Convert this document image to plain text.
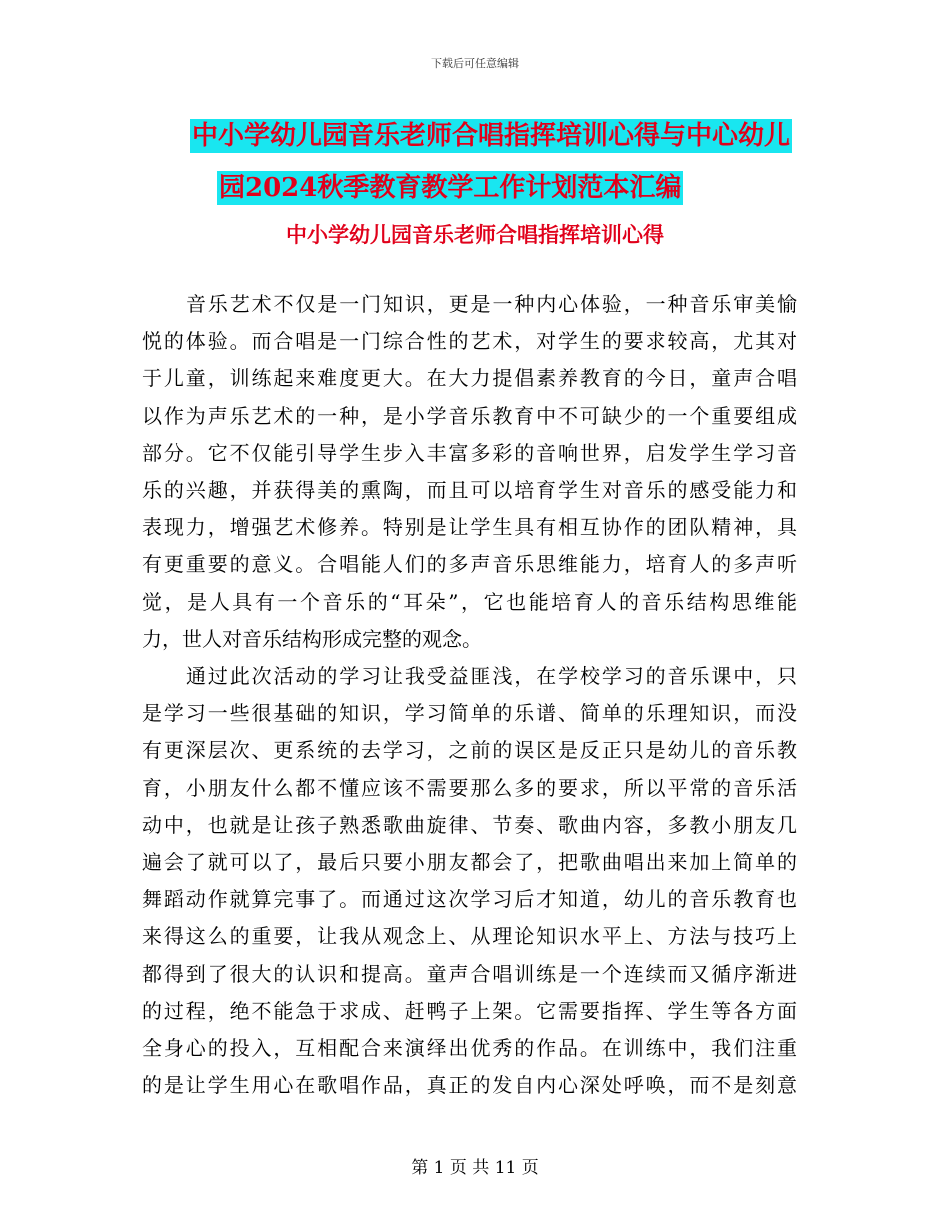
下载后可任意编辑
中小学幼儿园音乐老师合唱指挥培训心得与中心幼儿
园2024秋季教育教学工作计划范本汇编
中小学幼儿园音乐老师合唱指挥培训心得

音乐艺术不仅是一门知识，更是一种内心体验，一种音乐审美愉
悦的体验。而合唱是一门综合性的艺术，对学生的要求较高，尤其对
于儿童，训练起来难度更大。在大力提倡素养教育的今日，童声合唱
以作为声乐艺术的一种，是小学音乐教育中不可缺少的一个重要组成
部分。它不仅能引导学生步入丰富多彩的音响世界，启发学生学习音
乐的兴趣，并获得美的熏陶，而且可以培育学生对音乐的感受能力和
表现力，增强艺术修养。特别是让学生具有相互协作的团队精神，具
有更重要的意义。合唱能人们的多声音乐思维能力，培育人的多声听
觉，是人具有一个音乐的“耳朵”，它也能培育人的音乐结构思维能
力，世人对音乐结构形成完整的观念。

通过此次活动的学习让我受益匪浅，在学校学习的音乐课中，只
是学习一些很基础的知识，学习简单的乐谱、简单的乐理知识，而没
有更深层次、更系统的去学习，之前的误区是反正只是幼儿的音乐教
育，小朋友什么都不懂应该不需要那么多的要求，所以平常的音乐活
动中，也就是让孩子熟悉歌曲旋律、节奏、歌曲内容，多教小朋友几
遍会了就可以了，最后只要小朋友都会了，把歌曲唱出来加上简单的
舞蹈动作就算完事了。而通过这次学习后才知道，幼儿的音乐教育也
来得这么的重要，让我从观念上、从理论知识水平上、方法与技巧上
都得到了很大的认识和提高。童声合唱训练是一个连续而又循序渐进
的过程，绝不能急于求成、赶鸭子上架。它需要指挥、学生等各方面
全身心的投入，互相配合来演绎出优秀的作品。在训练中，我们注重
的是让学生用心在歌唱作品，真正的发自内心深处呼唤，而不是刻意

第 1 页 共 11 页
